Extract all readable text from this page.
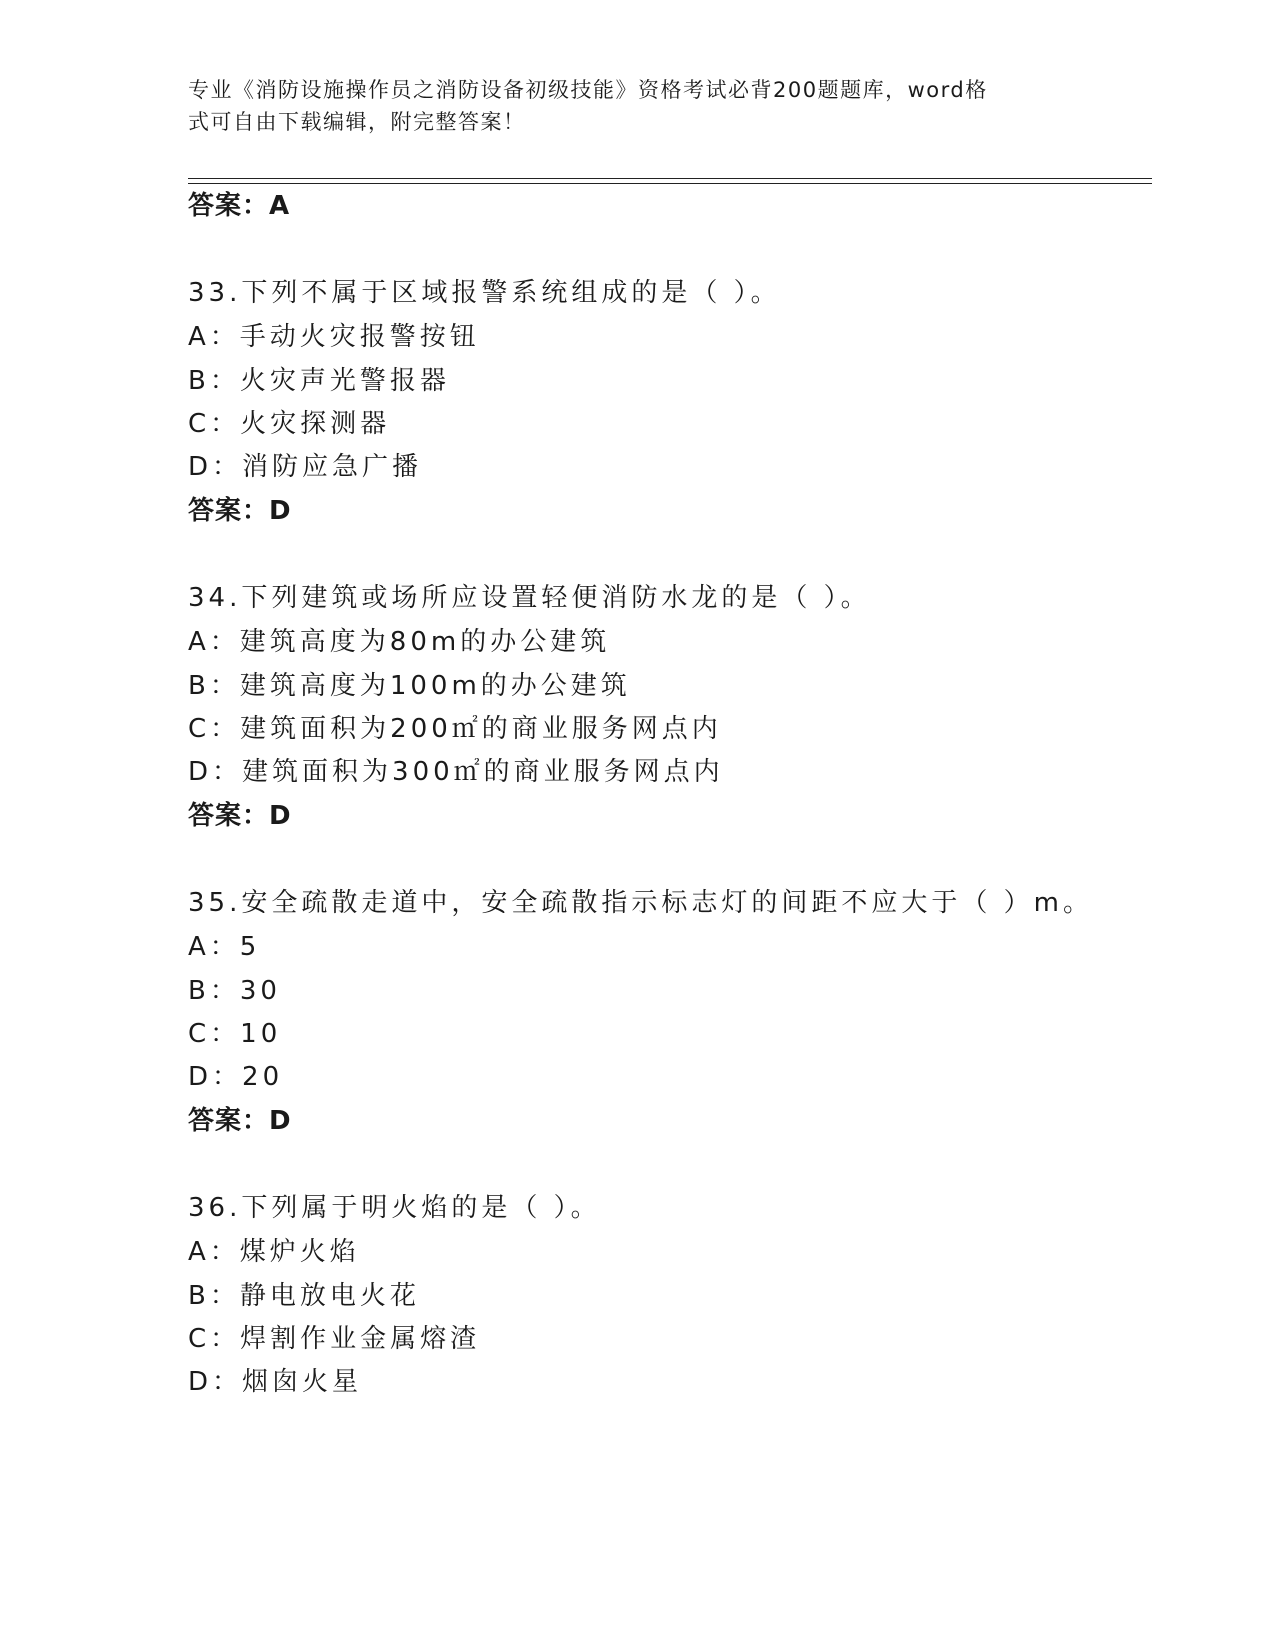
专业《消防设施操作员之消防设备初级技能》资格考试必背200题题库，word格
式可自由下载编辑，附完整答案！
答案：A
33.下列不属于区域报警系统组成的是（ ）。
A：手动火灾报警按钮
B：火灾声光警报器
C：火灾探测器
D：消防应急广播
答案：D
34.下列建筑或场所应设置轻便消防水龙的是（ ）。
A：建筑高度为80m的办公建筑
B：建筑高度为100m的办公建筑
C：建筑面积为200㎡的商业服务网点内
D：建筑面积为300㎡的商业服务网点内
答案：D
35.安全疏散走道中，安全疏散指示标志灯的间距不应大于（ ）m。
A：5
B：30
C：10
D：20
答案：D
36.下列属于明火焰的是（ ）。
A：煤炉火焰
B：静电放电火花
C：焊割作业金属熔渣
D：烟囱火星
